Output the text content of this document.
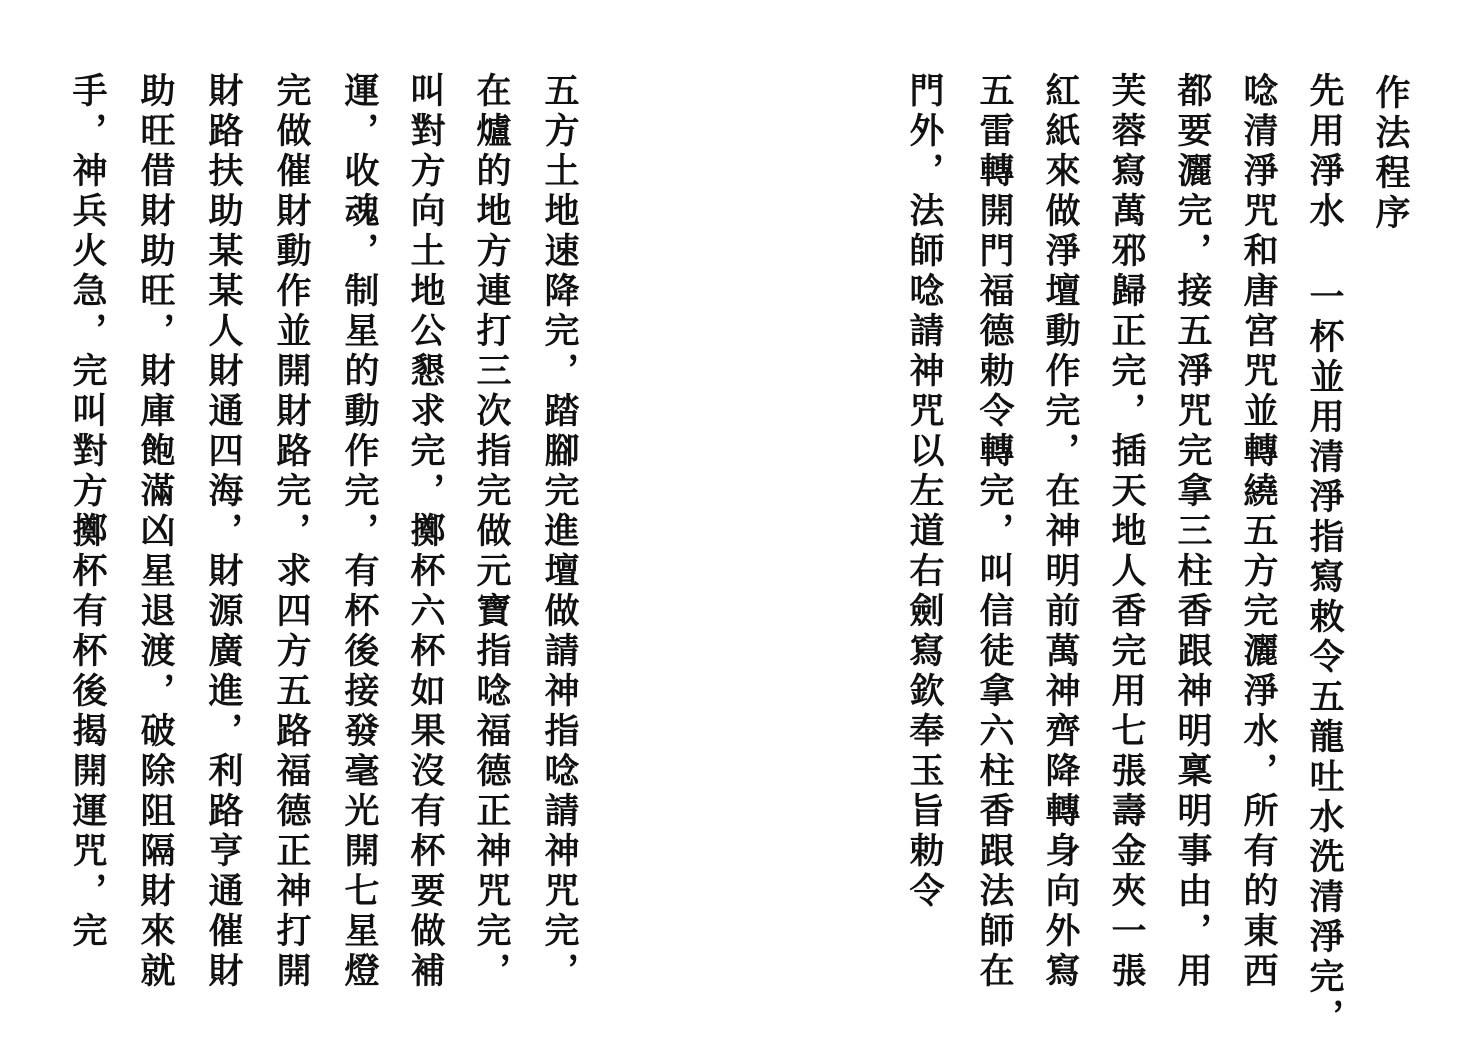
作法程序
先用淨水 一杯並用清淨指寫敕令五龍吐水洗清淨完，
唸清淨咒和唐宮咒並轉繞五方完灑淨水，所有的東西
都要灑完，接五淨咒完拿三柱香跟神明稟明事由，用
芙蓉寫萬邪歸正完，插天地人香完用七張壽金夾一張
紅紙來做淨壇動作完，在神明前萬神齊降轉身向外寫
五雷轉開門福德勅令轉完，叫信徒拿六柱香跟法師在
門外，法師唸請神咒以左道右劍寫欽奉玉旨勅令
五方土地速降完，踏腳完進壇做請神指唸請神咒完，
在爐的地方連打三次指完做元寶指唸福德正神咒完，
叫對方向土地公懇求完，擲杯六杯如果沒有杯要做補
運，收魂，制星的動作完，有杯後接發毫光開七星燈
完做催財動作並開財路完，求四方五路福德正神打開
財路扶助某某人財通四海，財源廣進，利路亨通催財
助旺借財助旺，財庫飽滿凶星退渡，破除阻隔財來就
手，神兵火急，完叫對方擲杯有杯後揭開運咒，完
